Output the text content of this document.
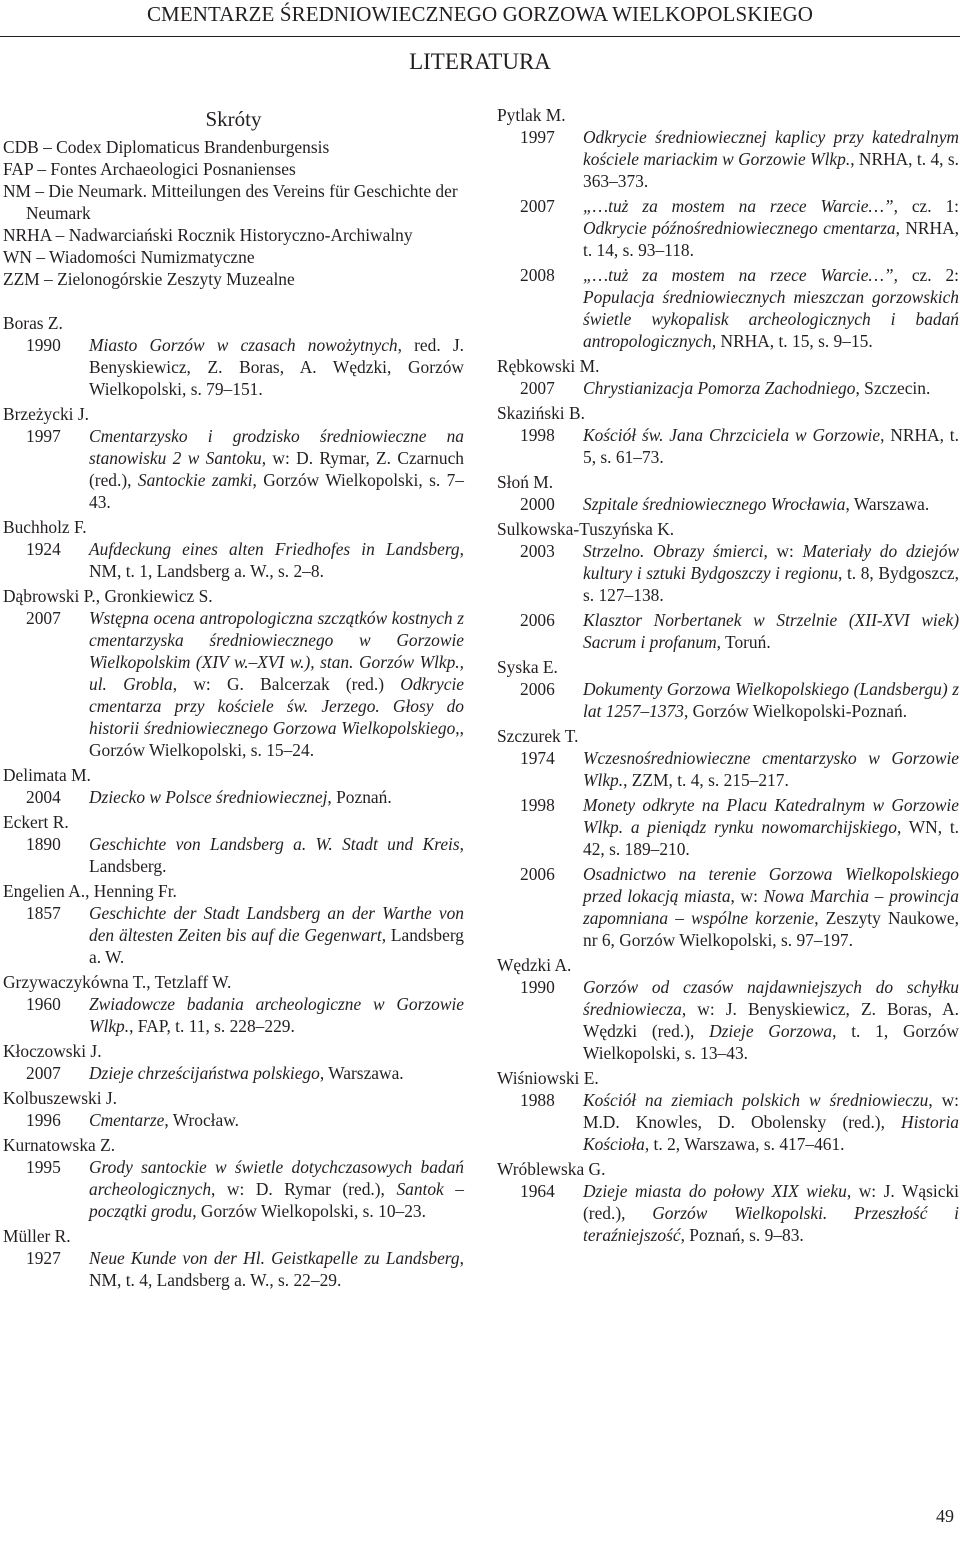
CMENTARZE ŚREDNIOWIECZNEGO GORZOWA WIELKOPOLSKIEGO
LITERATURA
Skróty
CDB – Codex Diplomaticus Brandenburgensis
FAP – Fontes Archaeologici Posnanienses
NM – Die Neumark. Mitteilungen des Vereins für Geschichte der Neumark
NRHA – Nadwarciański Rocznik Historyczno-Archiwalny
WN – Wiadomości Numizmatyczne
ZZM – Zielonogórskie Zeszyty Muzealne
Boras Z.
1990 Miasto Gorzów w czasach nowożytnych, red. J. Benyskiewicz, Z. Boras, A. Wędzki, Gorzów Wielkopolski, s. 79–151.
Brzeżycki J.
1997 Cmentarzysko i grodzisko średniowieczne na stanowisku 2 w Santoku, w: D. Rymar, Z. Czarnuch (red.), Santockie zamki, Gorzów Wielkopolski, s. 7–43.
Buchholz F.
1924 Aufdeckung eines alten Friedhofes in Landsberg, NM, t. 1, Landsberg a. W., s. 2–8.
Dąbrowski P., Gronkiewicz S.
2007 Wstępna ocena antropologiczna szczątków kostnych z cmentarzyska średniowiecznego w Gorzowie Wielkopolskim (XIV w.–XVI w.), stan. Gorzów Wlkp., ul. Grobla, w: G. Balcerzak (red.) Odkrycie cmentarza przy kościele św. Jerzego. Głosy do historii średniowiecznego Gorzowa Wielkopolskiego,, Gorzów Wielkopolski, s. 15–24.
Delimata M.
2004 Dziecko w Polsce średniowiecznej, Poznań.
Eckert R.
1890 Geschichte von Landsberg a. W. Stadt und Kreis, Landsberg.
Engelien A., Henning Fr.
1857 Geschichte der Stadt Landsberg an der Warthe von den ältesten Zeiten bis auf die Gegenwart, Landsberg a. W.
Grzywaczykówna T., Tetzlaff W.
1960 Zwiadowcze badania archeologiczne w Gorzowie Wlkp., FAP, t. 11, s. 228–229.
Kłoczowski J.
2007 Dzieje chrześcijaństwa polskiego, Warszawa.
Kolbuszewski J.
1996 Cmentarze, Wrocław.
Kurnatowska Z.
1995 Grody santockie w świetle dotychczasowych badań archeologicznych, w: D. Rymar (red.), Santok – początki grodu, Gorzów Wielkopolski, s. 10–23.
Müller R.
1927 Neue Kunde von der Hl. Geistkapelle zu Landsberg, NM, t. 4, Landsberg a. W., s. 22–29.
Pytlak M.
1997 Odkrycie średniowiecznej kaplicy przy katedralnym kościele mariackim w Gorzowie Wlkp., NRHA, t. 4, s. 363–373.
2007 „…tuż za mostem na rzece Warcie…”, cz. 1: Odkrycie późnośredniowiecznego cmentarza, NRHA, t. 14, s. 93–118.
2008 „…tuż za mostem na rzece Warcie…”, cz. 2: Populacja średniowiecznych mieszczan gorzowskich świetle wykopalisk archeologicznych i badań antropologicznych, NRHA, t. 15, s. 9–15.
Rębkowski M.
2007 Chrystianizacja Pomorza Zachodniego, Szczecin.
Skaziński B.
1998 Kościół św. Jana Chrzciciela w Gorzowie, NRHA, t. 5, s. 61–73.
Słoń M.
2000 Szpitale średniowiecznego Wrocławia, Warszawa.
Sulkowska-Tuszyńska K.
2003 Strzelno. Obrazy śmierci, w: Materiały do dziejów kultury i sztuki Bydgoszczy i regionu, t. 8, Bydgoszcz, s. 127–138.
2006 Klasztor Norbertanek w Strzelnie (XII-XVI wiek) Sacrum i profanum, Toruń.
Syska E.
2006 Dokumenty Gorzowa Wielkopolskiego (Landsbergu) z lat 1257–1373, Gorzów Wielkopolski-Poznań.
Szczurek T.
1974 Wczesnośredniowieczne cmentarzysko w Gorzowie Wlkp., ZZM, t. 4, s. 215–217.
1998 Monety odkryte na Placu Katedralnym w Gorzowie Wlkp. a pieniądz rynku nowomarchijskiego, WN, t. 42, s. 189–210.
2006 Osadnictwo na terenie Gorzowa Wielkopolskiego przed lokacją miasta, w: Nowa Marchia – prowincja zapomniana – wspólne korzenie, Zeszyty Naukowe, nr 6, Gorzów Wielkopolski, s. 97–197.
Wędzki A.
1990 Gorzów od czasów najdawniejszych do schyłku średniowiecza, w: J. Benyskiewicz, Z. Boras, A. Wędzki (red.), Dzieje Gorzowa, t. 1, Gorzów Wielkopolski, s. 13–43.
Wiśniowski E.
1988 Kościół na ziemiach polskich w średniowieczu, w: M.D. Knowles, D. Obolensky (red.), Historia Kościoła, t. 2, Warszawa, s. 417–461.
Wróblewska G.
1964 Dzieje miasta do połowy XIX wieku, w: J. Wąsicki (red.), Gorzów Wielkopolski. Przeszłość i teraźniejszość, Poznań, s. 9–83.
49
